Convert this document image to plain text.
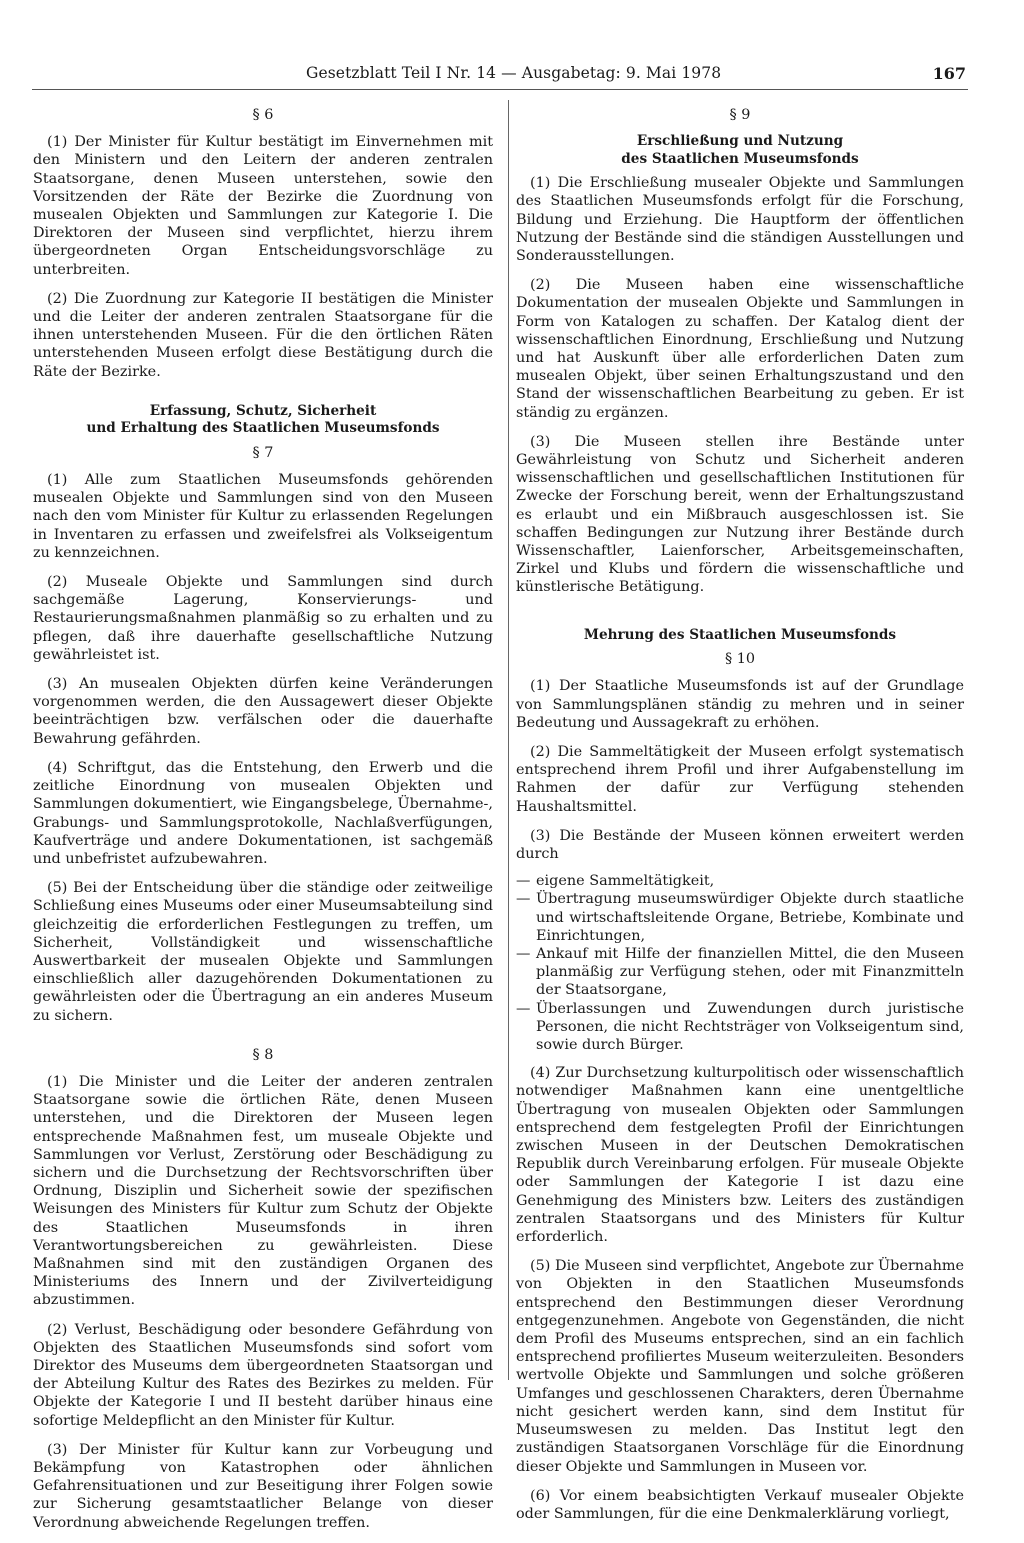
Gesetzblatt Teil I Nr. 14 — Ausgabetag: 9. Mai 1978	167
§ 6

(1) Der Minister für Kultur bestätigt im Einvernehmen mit den Ministern und den Leitern der anderen zentralen Staatsorgane, denen Museen unterstehen, sowie den Vorsitzenden der Räte der Bezirke die Zuordnung von musealen Objekten und Sammlungen zur Kategorie I. Die Direktoren der Museen sind verpflichtet, hierzu ihrem übergeordneten Organ Entscheidungsvorschläge zu unterbreiten.

(2) Die Zuordnung zur Kategorie II bestätigen die Minister und die Leiter der anderen zentralen Staatsorgane für die ihnen unterstehenden Museen. Für die den örtlichen Räten unterstehenden Museen erfolgt diese Bestätigung durch die Räte der Bezirke.

Erfassung, Schutz, Sicherheit
und Erhaltung des Staatlichen Museumsfonds
§ 7

(1) Alle zum Staatlichen Museumsfonds gehörenden musealen Objekte und Sammlungen sind von den Museen nach den vom Minister für Kultur zu erlassenden Regelungen in Inventaren zu erfassen und zweifelsfrei als Volkseigentum zu kennzeichnen.

(2) Museale Objekte und Sammlungen sind durch sachgemäße Lagerung, Konservierungs- und Restaurierungsmaßnahmen planmäßig so zu erhalten und zu pflegen, daß ihre dauerhafte gesellschaftliche Nutzung gewährleistet ist.

(3) An musealen Objekten dürfen keine Veränderungen vorgenommen werden, die den Aussagewert dieser Objekte beeinträchtigen bzw. verfälschen oder die dauerhafte Bewahrung gefährden.

(4) Schriftgut, das die Entstehung, den Erwerb und die zeitliche Einordnung von musealen Objekten und Sammlungen dokumentiert, wie Eingangsbelege, Übernahme-, Grabungs- und Sammlungsprotokolle, Nachlaßverfügungen, Kaufverträge und andere Dokumentationen, ist sachgemäß und unbefristet aufzubewahren.

(5) Bei der Entscheidung über die ständige oder zeitweilige Schließung eines Museums oder einer Museumsabteilung sind gleichzeitig die erforderlichen Festlegungen zu treffen, um Sicherheit, Vollständigkeit und wissenschaftliche Auswertbarkeit der musealen Objekte und Sammlungen einschließlich aller dazugehörenden Dokumentationen zu gewährleisten oder die Übertragung an ein anderes Museum zu sichern.

§ 8

(1) Die Minister und die Leiter der anderen zentralen Staatsorgane sowie die örtlichen Räte, denen Museen unterstehen, und die Direktoren der Museen legen entsprechende Maßnahmen fest, um museale Objekte und Sammlungen vor Verlust, Zerstörung oder Beschädigung zu sichern und die Durchsetzung der Rechtsvorschriften über Ordnung, Disziplin und Sicherheit sowie der spezifischen Weisungen des Ministers für Kultur zum Schutz der Objekte des Staatlichen Museumsfonds in ihren Verantwortungsbereichen zu gewährleisten. Diese Maßnahmen sind mit den zuständigen Organen des Ministeriums des Innern und der Zivilverteidigung abzustimmen.

(2) Verlust, Beschädigung oder besondere Gefährdung von Objekten des Staatlichen Museumsfonds sind sofort vom Direktor des Museums dem übergeordneten Staatsorgan und der Abteilung Kultur des Rates des Bezirkes zu melden. Für Objekte der Kategorie I und II besteht darüber hinaus eine sofortige Meldepflicht an den Minister für Kultur.

(3) Der Minister für Kultur kann zur Vorbeugung und Bekämpfung von Katastrophen oder ähnlichen Gefahrensituationen und zur Beseitigung ihrer Folgen sowie zur Sicherung gesamtstaatlicher Belange von dieser Verordnung abweichende Regelungen treffen.

§ 9
Erschließung und Nutzung
des Staatlichen Museumsfonds

(1) Die Erschließung musealer Objekte und Sammlungen des Staatlichen Museumsfonds erfolgt für die Forschung, Bildung und Erziehung. Die Hauptform der öffentlichen Nutzung der Bestände sind die ständigen Ausstellungen und Sonderausstellungen.

(2) Die Museen haben eine wissenschaftliche Dokumentation der musealen Objekte und Sammlungen in Form von Katalogen zu schaffen. Der Katalog dient der wissenschaftlichen Einordnung, Erschließung und Nutzung und hat Auskunft über alle erforderlichen Daten zum musealen Objekt, über seinen Erhaltungszustand und den Stand der wissenschaftlichen Bearbeitung zu geben. Er ist ständig zu ergänzen.

(3) Die Museen stellen ihre Bestände unter Gewährleistung von Schutz und Sicherheit anderen wissenschaftlichen und gesellschaftlichen Institutionen für Zwecke der Forschung bereit, wenn der Erhaltungszustand es erlaubt und ein Mißbrauch ausgeschlossen ist. Sie schaffen Bedingungen zur Nutzung ihrer Bestände durch Wissenschaftler, Laienforscher, Arbeitsgemeinschaften, Zirkel und Klubs und fördern die wissenschaftliche und künstlerische Betätigung.

Mehrung des Staatlichen Museumsfonds
§ 10

(1) Der Staatliche Museumsfonds ist auf der Grundlage von Sammlungsplänen ständig zu mehren und in seiner Bedeutung und Aussagekraft zu erhöhen.

(2) Die Sammeltätigkeit der Museen erfolgt systematisch entsprechend ihrem Profil und ihrer Aufgabenstellung im Rahmen der dafür zur Verfügung stehenden Haushaltsmittel.

(3) Die Bestände der Museen können erweitert werden durch

— eigene Sammeltätigkeit,
— Übertragung museumswürdiger Objekte durch staatliche und wirtschaftsleitende Organe, Betriebe, Kombinate und Einrichtungen,
— Ankauf mit Hilfe der finanziellen Mittel, die den Museen planmäßig zur Verfügung stehen, oder mit Finanzmitteln der Staatsorgane,
— Überlassungen und Zuwendungen durch juristische Personen, die nicht Rechtsträger von Volkseigentum sind, sowie durch Bürger.

(4) Zur Durchsetzung kulturpolitisch oder wissenschaftlich notwendiger Maßnahmen kann eine unentgeltliche Übertragung von musealen Objekten oder Sammlungen entsprechend dem festgelegten Profil der Einrichtungen zwischen Museen in der Deutschen Demokratischen Republik durch Vereinbarung erfolgen. Für museale Objekte oder Sammlungen der Kategorie I ist dazu eine Genehmigung des Ministers bzw. Leiters des zuständigen zentralen Staatsorgans und des Ministers für Kultur erforderlich.

(5) Die Museen sind verpflichtet, Angebote zur Übernahme von Objekten in den Staatlichen Museumsfonds entsprechend den Bestimmungen dieser Verordnung entgegenzunehmen. Angebote von Gegenständen, die nicht dem Profil des Museums entsprechen, sind an ein fachlich entsprechend profiliertes Museum weiterzuleiten. Besonders wertvolle Objekte und Sammlungen und solche größeren Umfanges und geschlossenen Charakters, deren Übernahme nicht gesichert werden kann, sind dem Institut für Museumswesen zu melden. Das Institut legt den zuständigen Staatsorganen Vorschläge für die Einordnung dieser Objekte und Sammlungen in Museen vor.

(6) Vor einem beabsichtigten Verkauf musealer Objekte oder Sammlungen, für die eine Denkmalerklärung vorliegt,
